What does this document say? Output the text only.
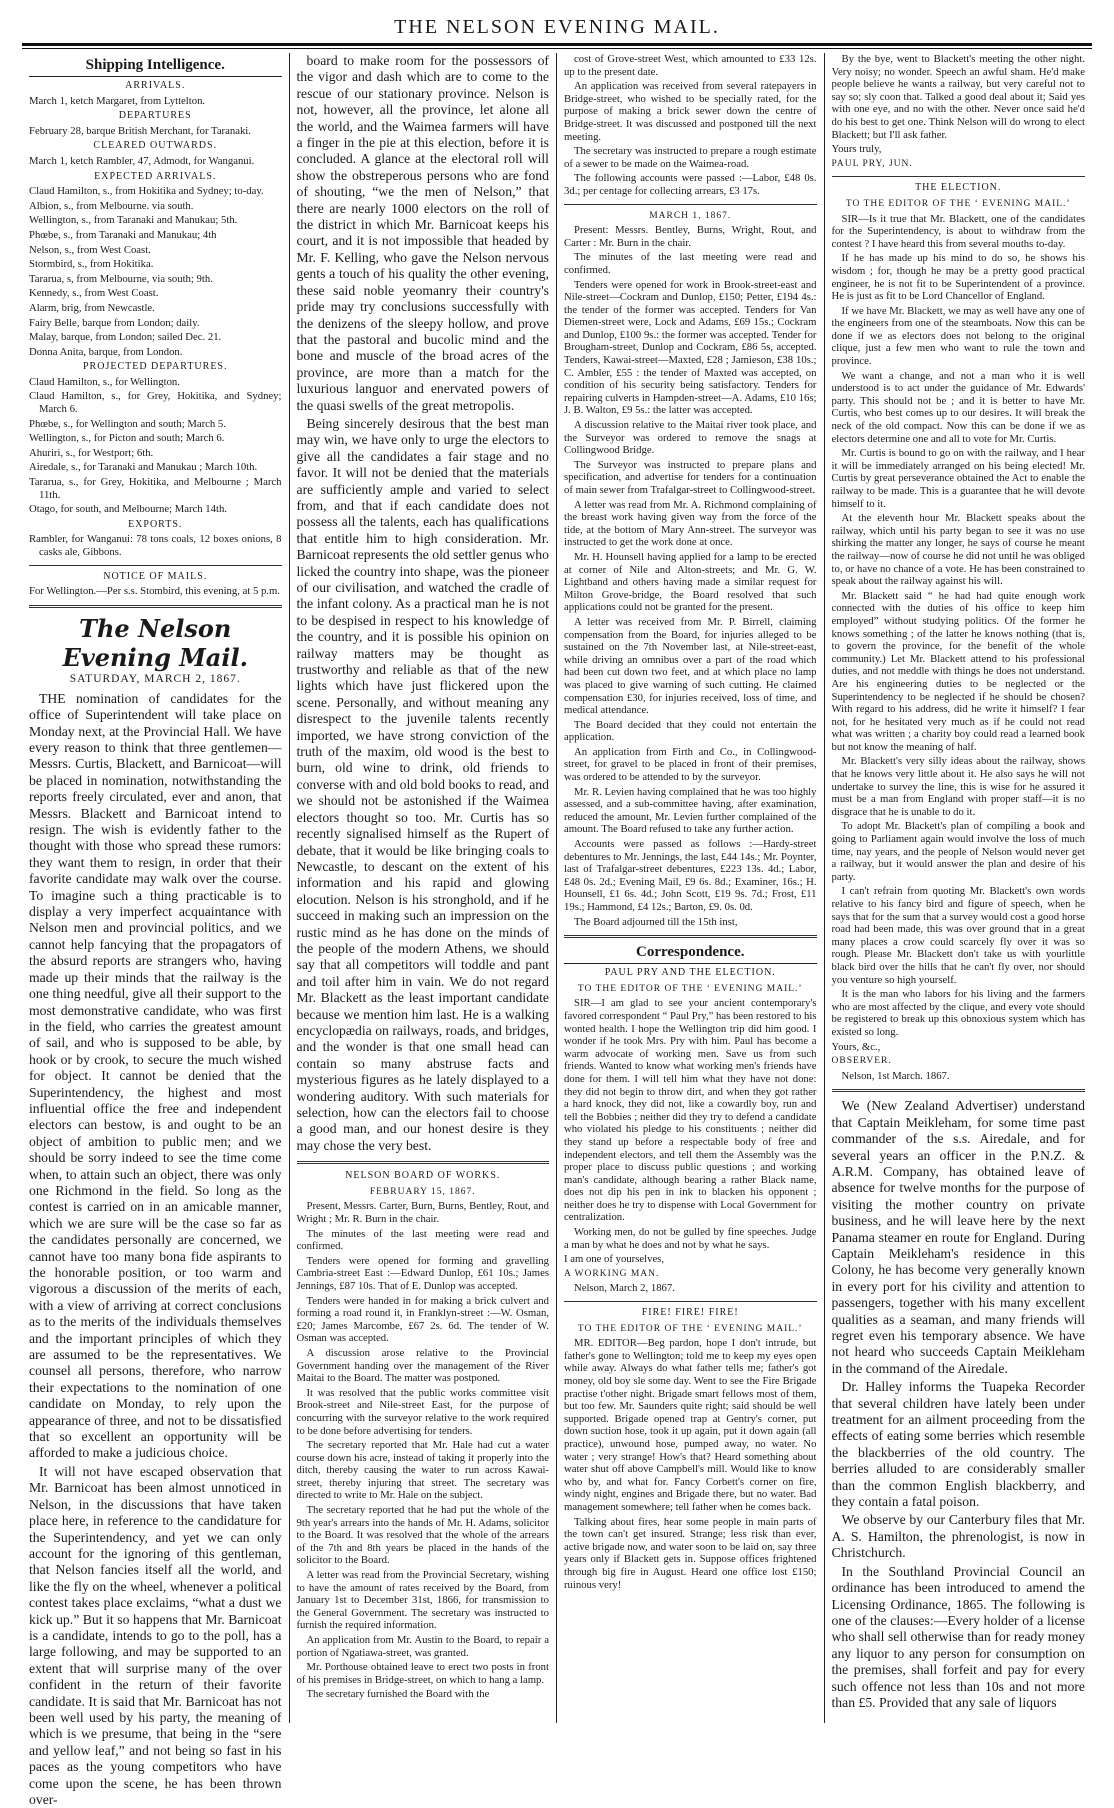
THE NELSON EVENING MAIL.
Shipping Intelligence.
ARRIVALS.

March 1, ketch Margaret, from Lyttelton.

DEPARTURES

February 28, barque British Merchant, for Taranaki.

CLEARED OUTWARDS.

March 1, ketch Rambler, 47, Admodt, for Wanganui.

EXPECTED ARRIVALS.

Claud Hamilton, s., from Hokitika and Sydney; to-day.

Albion, s., from Melbourne. via south.

Wellington, s., from Taranaki and Manukau; 5th.

Phœbe, s., from Taranaki and Manukau; 4th

Nelson, s., from West Coast.

Stormbird, s., from Hokitika.

Tararua, s, from Melbourne, via south; 9th.

Kennedy, s., from West Coast.

Alarm, brig, from Newcastle.

Fairy Belle, barque from London; daily.

Malay, barque, from London; sailed Dec. 21.

Donna Anita, barque, from London.

PROJECTED DEPARTURES.

Claud Hamilton, s., for Wellington.

Claud Hamilton, s., for Grey, Hokitika, and Sydney; March 6.

Phœbe, s., for Wellington and south; March 5.

Wellington, s., for Picton and south; March 6.

Ahuriri, s., for Westport; 6th.

Airedale, s., for Taranaki and Manukau ; March 10th.

Tararua, s., for Grey, Hokitika, and Melbourne ; March 11th.

Otago, for south, and Melbourne; March 14th.

EXPORTS.

Rambler, for Wanganui: 78 tons coals, 12 boxes onions, 8 casks ale, Gibbons.

NOTICE OF MAILS.

For Wellington.—Per s.s. Stombird, this evening, at 5 p.m.

The Nelson Evening Mail.
SATURDAY, MARCH 2, 1867.

THE nomination of candidates for the office of Superintendent will take place on Monday next, at the Provincial Hall. We have every reason to think that three gentlemen—Messrs. Curtis, Blackett, and Barnicoat—will be placed in nomination, notwithstanding the reports freely circulated, ever and anon, that Messrs. Blackett and Barnicoat intend to resign. The wish is evidently father to the thought with those who spread these rumors: they want them to resign, in order that their favorite candidate may walk over the course. To imagine such a thing practicable is to display a very imperfect acquaintance with Nelson men and provincial politics, and we cannot help fancying that the propagators of the absurd reports are strangers who, having made up their minds that the railway is the one thing needful, give all their support to the most demonstrative candidate, who was first in the field, who carries the greatest amount of sail, and who is supposed to be able, by hook or by crook, to secure the much wished for object. It cannot be denied that the Superintendency, the highest and most influential office the free and independent electors can bestow, is and ought to be an object of ambition to public men; and we should be sorry indeed to see the time come when, to attain such an object, there was only one Richmond in the field. So long as the contest is carried on in an amicable manner, which we are sure will be the case so far as the candidates personally are concerned, we cannot have too many bona fide aspirants to the honorable position, or too warm and vigorous a discussion of the merits of each, with a view of arriving at correct conclusions as to the merits of the individuals themselves and the important principles of which they are assumed to be the representatives. We counsel all persons, therefore, who narrow their expectations to the nomination of one candidate on Monday, to rely upon the appearance of three, and not to be dissatisfied that so excellent an opportunity will be afforded to make a judicious choice.

It will not have escaped observation that Mr. Barnicoat has been almost unnoticed in Nelson, in the discussions that have taken place here, in reference to the candidature for the Superintendency, and yet we can only account for the ignoring of this gentleman, that Nelson fancies itself all the world, and like the fly on the wheel, whenever a political contest takes place exclaims, “what a dust we kick up.” But it so happens that Mr. Barnicoat is a candidate, intends to go to the poll, has a large following, and may be supported to an extent that will surprise many of the over confident in the return of their favorite candidate. It is said that Mr. Barnicoat has not been well used by his party, the meaning of which is we presume, that being in the “sere and yellow leaf,” and not being so fast in his paces as the young competitors who have come upon the scene, he has been thrown over-

board to make room for the possessors of the vigor and dash which are to come to the rescue of our stationary province. Nelson is not, however, all the province, let alone all the world, and the Waimea farmers will have a finger in the pie at this election, before it is concluded. A glance at the electoral roll will show the obstreperous persons who are fond of shouting, “we the men of Nelson,” that there are nearly 1000 electors on the roll of the district in which Mr. Barnicoat keeps his court, and it is not impossible that headed by Mr. F. Kelling, who gave the Nelson nervous gents a touch of his quality the other evening, these said noble yeomanry their country's pride may try conclusions successfully with the denizens of the sleepy hollow, and prove that the pastoral and bucolic mind and the bone and muscle of the broad acres of the province, are more than a match for the luxurious languor and enervated powers of the quasi swells of the great metropolis.

Being sincerely desirous that the best man may win, we have only to urge the electors to give all the candidates a fair stage and no favor. It will not be denied that the materials are sufficiently ample and varied to select from, and that if each candidate does not possess all the talents, each has qualifications that entitle him to high consideration. Mr. Barnicoat represents the old settler genus who licked the country into shape, was the pioneer of our civilisation, and watched the cradle of the infant colony. As a practical man he is not to be despised in respect to his knowledge of the country, and it is possible his opinion on railway matters may be thought as trustworthy and reliable as that of the new lights which have just flickered upon the scene. Personally, and without meaning any disrespect to the juvenile talents recently imported, we have strong conviction of the truth of the maxim, old wood is the best to burn, old wine to drink, old friends to converse with and old bold books to read, and we should not be astonished if the Waimea electors thought so too. Mr. Curtis has so recently signalised himself as the Rupert of debate, that it would be like bringing coals to Newcastle, to descant on the extent of his information and his rapid and glowing elocution. Nelson is his stronghold, and if he succeed in making such an impression on the rustic mind as he has done on the minds of the people of the modern Athens, we should say that all competitors will toddle and pant and toil after him in vain. We do not regard Mr. Blackett as the least important candidate because we mention him last. He is a walking encyclopædia on railways, roads, and bridges, and the wonder is that one small head can contain so many abstruse facts and mysterious figures as he lately displayed to a wondering auditory. With such materials for selection, how can the electors fail to choose a good man, and our honest desire is they may chose the very best.

NELSON BOARD OF WORKS.
FEBRUARY 15, 1867.

Present, Messrs. Carter, Burn, Burns, Bentley, Rout, and Wright ; Mr. R. Burn in the chair.

The minutes of the last meeting were read and confirmed.

Tenders were opened for forming and gravelling Cambria-street East :—Edward Dunlop, £61 10s.; James Jennings, £87 10s. That of E. Dunlop was accepted.

Tenders were handed in for making a brick culvert and forming a road round it, in Franklyn-street :—W. Osman, £20; James Marcombe, £67 2s. 6d. The tender of W. Osman was accepted.

A discussion arose relative to the Provincial Government handing over the management of the River Maitai to the Board. The matter was postponed.

It was resolved that the public works committee visit Brook-street and Nile-street East, for the purpose of concurring with the surveyor relative to the work required to be done before advertising for tenders.

The secretary reported that Mr. Hale had cut a water course down his acre, instead of taking it properly into the ditch, thereby causing the water to run across Kawai-street, thereby injuring that street. The secretary was directed to write to Mr. Hale on the subject.

The secretary reported that he had put the whole of the 9th year's arrears into the hands of Mr. H. Adams, solicitor to the Board. It was resolved that the whole of the arrears of the 7th and 8th years be placed in the hands of the solicitor to the Board.

A letter was read from the Provincial Secretary, wishing to have the amount of rates received by the Board, from January 1st to December 31st, 1866, for transmission to the General Government. The secretary was instructed to furnish the required information.

An application from Mr. Austin to the Board, to repair a portion of Ngatiawa-street, was granted.

Mr. Porthouse obtained leave to erect two posts in front of his premises in Bridge-street, on which to hang a lamp.

The secretary furnished the Board with the

cost of Grove-street West, which amounted to £33 12s. up to the present date.

An application was received from several ratepayers in Bridge-street, who wished to be specially rated, for the purpose of making a brick sewer down the centre of Bridge-street. It was discussed and postponed till the next meeting.

The secretary was instructed to prepare a rough estimate of a sewer to be made on the Waimea-road.

The following accounts were passed :—Labor, £48 0s. 3d.; per centage for collecting arrears, £3 17s.

MARCH 1, 1867.

Present: Messrs. Bentley, Burns, Wright, Rout, and Carter : Mr. Burn in the chair.

The minutes of the last meeting were read and confirmed.

Tenders were opened for work in Brook-street-east and Nile-street—Cockram and Dunlop, £150; Petter, £194 4s.: the tender of the former was accepted. Tenders for Van Diemen-street were, Lock and Adams, £69 15s.; Cockram and Dunlop, £100 9s.: the former was accepted. Tender for Brougham-street, Dunlop and Cockram, £86 5s, accepted. Tenders, Kawai-street—Maxted, £28 ; Jamieson, £38 10s.; C. Ambler, £55 : the tender of Maxted was accepted, on condition of his security being satisfactory. Tenders for repairing culverts in Hampden-street—A. Adams, £10 16s; J. B. Walton, £9 5s.: the latter was accepted.

A discussion relative to the Maitai river took place, and the Surveyor was ordered to remove the snags at Collingwood Bridge.

The Surveyor was instructed to prepare plans and specification, and advertise for tenders for a continuation of main sewer from Trafalgar-street to Collingwood-street.

A letter was read from Mr. A. Richmond complaining of the breast work having given way from the force of the tide, at the bottom of Mary Ann-street. The surveyor was instructed to get the work done at once.

Mr. H. Hounsell having applied for a lamp to be erected at corner of Nile and Alton-streets; and Mr. G. W. Lightband and others having made a similar request for Milton Grove-bridge, the Board resolved that such applications could not be granted for the present.

A letter was received from Mr. P. Birrell, claiming compensation from the Board, for injuries alleged to be sustained on the 7th November last, at Nile-street-east, while driving an omnibus over a part of the road which had been cut down two feet, and at which place no lamp was placed to give warning of such cutting. He claimed compensation £30, for injuries received, loss of time, and medical attendance.

The Board decided that they could not entertain the application.

An application from Firth and Co., in Collingwood-street, for gravel to be placed in front of their premises, was ordered to be attended to by the surveyor.

Mr. R. Levien having complained that he was too highly assessed, and a sub-committee having, after examination, reduced the amount, Mr. Levien further complained of the amount. The Board refused to take any further action.

Accounts were passed as follows :—Hardy-street debentures to Mr. Jennings, the last, £44 14s.; Mr. Poynter, last of Trafalgar-street debentures, £223 13s. 4d.; Labor, £48 0s. 2d.; Evening Mail, £9 6s. 8d.; Examiner, 16s.; H. Hounsell, £1 6s. 4d.; John Scott, £19 9s. 7d.; Frost, £11 19s.; Hammond, £4 12s.; Barton, £9. 0s. 0d.

The Board adjourned till the 15th inst,

Correspondence.
PAUL PRY AND THE ELECTION.
TO THE EDITOR OF THE ‘ EVENING MAIL.’

SIR—I am glad to see your ancient contemporary's favored correspondent “ Paul Pry,” has been restored to his wonted health. I hope the Wellington trip did him good. I wonder if he took Mrs. Pry with him. Paul has become a warm advocate of working men. Save us from such friends. Wanted to know what working men's friends have done for them. I will tell him what they have not done: they did not begin to throw dirt, and when they got rather a hard knock, they did not, like a cowardly boy, run and tell the Bobbies ; neither did they try to defend a candidate who violated his pledge to his constituents ; neither did they stand up before a respectable body of free and independent electors, and tell them the Assembly was the proper place to discuss public questions ; and working man's candidate, although bearing a rather Black name, does not dip his pen in ink to blacken his opponent ; neither does he try to dispense with Local Government for centralization.

Working men, do not be gulled by fine speeches. Judge a man by what he does and not by what he says.

I am one of yourselves,

A WORKING MAN.

Nelson, March 2, 1867.

FIRE! FIRE! FIRE!
TO THE EDITOR OF THE ‘ EVENING MAIL.’

MR. EDITOR—Beg pardon, hope I don't intrude, but father's gone to Wellington; told me to keep my eyes open while away. Always do what father tells me; father's got money, old boy sle some day. Went to see the Fire Brigade practise t'other night. Brigade smart fellows most of them, but too few. Mr. Saunders quite right; said should be well supported. Brigade opened trap at Gentry's corner, put down suction hose, took it up again, put it down again (all practice), unwound hose, pumped away, no water. No water ; very strange! How's that? Heard something about water shut off above Campbell's mill. Would like to know who by, and what for. Fancy Corbett's corner on fire, windy night, engines and Brigade there, but no water. Bad management somewhere; tell father when he comes back.

Talking about fires, hear some people in main parts of the town can't get insured. Strange; less risk than ever, active brigade now, and water soon to be laid on, say three years only if Blackett gets in. Suppose offices frightened through big fire in August. Heard one office lost £150; ruinous very!

By the bye, went to Blackett's meeting the other night. Very noisy; no wonder. Speech an awful sham. He'd make people believe he wants a railway, but very careful not to say so; sly coon that. Talked a good deal about it; Said yes with one eye, and no with the other. Never once said he'd do his best to get one. Think Nelson will do wrong to elect Blackett; but I'll ask father.

Yours truly,

PAUL PRY, JUN.

THE ELECTION.
TO THE EDITOR OF THE ‘ EVENING MAIL.’

SIR—Is it true that Mr. Blackett, one of the candidates for the Superintendency, is about to withdraw from the contest ? I have heard this from several mouths to-day.

If he has made up his mind to do so, he shows his wisdom ; for, though he may be a pretty good practical engineer, he is not fit to be Superintendent of a province. He is just as fit to be Lord Chancellor of England.

If we have Mr. Blackett, we may as well have any one of the engineers from one of the steamboats. Now this can be done if we as electors does not belong to the original clique, just a few men who want to rule the town and province.

We want a change, and not a man who it is well understood is to act under the guidance of Mr. Edwards' party. This should not be ; and it is better to have Mr. Curtis, who best comes up to our desires. It will break the neck of the old compact. Now this can be done if we as electors determine one and all to vote for Mr. Curtis.

Mr. Curtis is bound to go on with the railway, and I hear it will be immediately arranged on his being elected! Mr. Curtis by great perseverance obtained the Act to enable the railway to be made. This is a guarantee that he will devote himself to it.

At the eleventh hour Mr. Blackett speaks about the railway, which until his party began to see it was no use shirking the matter any longer, he says of course he meant the railway—now of course he did not until he was obliged to, or have no chance of a vote. He has been constrained to speak about the railway against his will.

Mr. Blackett said “ he had had quite enough work connected with the duties of his office to keep him employed” without studying politics. Of the former he knows something ; of the latter he knows nothing (that is, to govern the province, for the benefit of the whole community.) Let Mr. Blackett attend to his professional duties, and not meddle with things he does not understand. Are his engineering duties to be neglected or the Superintendency to be neglected if he should be chosen? With regard to his address, did he write it himself? I fear not, for he hesitated very much as if he could not read what was written ; a charity boy could read a learned book but not know the meaning of half.

Mr. Blackett's very silly ideas about the railway, shows that he knows very little about it. He also says he will not undertake to survey the line, this is wise for he assured it must be a man from England with proper staff—it is no disgrace that he is unable to do it.

To adopt Mr. Blackett's plan of compiling a book and going to Parliament again would involve the loss of much time, nay years, and the people of Nelson would never get a railway, but it would answer the plan and desire of his party.

I can't refrain from quoting Mr. Blackett's own words relative to his fancy bird and figure of speech, when he says that for the sum that a survey would cost a good horse road had been made, this was over ground that in a great many places a crow could scarcely fly over it was so rough. Please Mr. Blackett don't take us with yourlittle black bird over the hills that he can't fly over, nor should you venture so high yourself.

It is the man who labors for his living and the farmers who are most affected by the clique, and every vote should be registered to break up this obnoxious system which has existed so long.

Yours, &c.,

OBSERVER.

Nelson, 1st March. 1867.

We (New Zealand Advertiser) understand that Captain Meikleham, for some time past commander of the s.s. Airedale, and for several years an officer in the P.N.Z. & A.R.M. Company, has obtained leave of absence for twelve months for the purpose of visiting the mother country on private business, and he will leave here by the next Panama steamer en route for England. During Captain Meikleham's residence in this Colony, he has become very generally known in every port for his civility and attention to passengers, together with his many excellent qualities as a seaman, and many friends will regret even his temporary absence. We have not heard who succeeds Captain Meikleham in the command of the Airedale.

Dr. Halley informs the Tuapeka Recorder that several children have lately been under treatment for an ailment proceeding from the effects of eating some berries which resemble the blackberries of the old country. The berries alluded to are considerably smaller than the common English blackberry, and they contain a fatal poison.

We observe by our Canterbury files that Mr. A. S. Hamilton, the phrenologist, is now in Christchurch.

In the Southland Provincial Council an ordinance has been introduced to amend the Licensing Ordinance, 1865. The following is one of the clauses:—Every holder of a license who shall sell otherwise than for ready money any liquor to any person for consumption on the premises, shall forfeit and pay for every such offence not less than 10s and not more than £5. Provided that any sale of liquors
